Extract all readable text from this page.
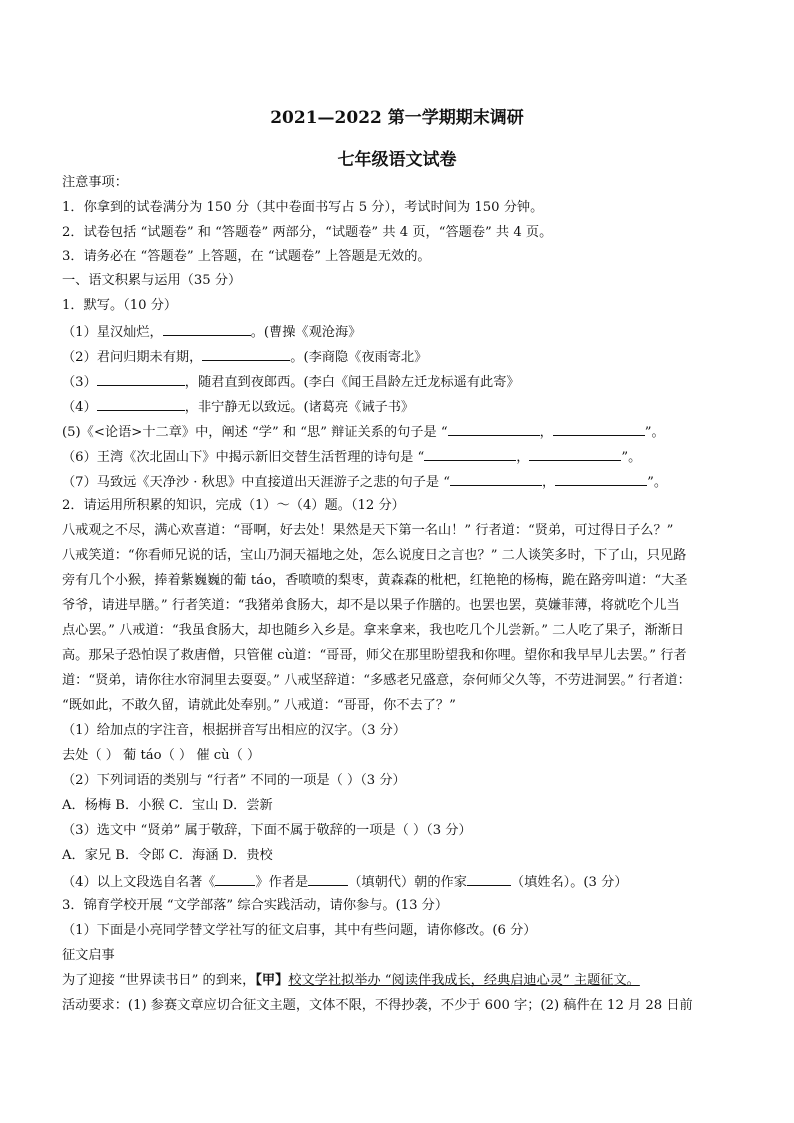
2021—2022 第一学期期末调研
七年级语文试卷
注意事项：
1．你拿到的试卷满分为 150 分（其中卷面书写占 5 分），考试时间为 150 分钟。
2．试卷包括 “试题卷” 和 “答题卷” 两部分，“试题卷” 共 4 页，“答题卷” 共 4 页。
3．请务必在 “答题卷” 上答题，在 “试题卷” 上答题是无效的。
一、语文积累与运用（35 分）
1．默写。（10 分）
（1）星汉灿烂，	。(曹操《观沧海》
（2）君问归期未有期，	。(李商隐《夜雨寄北》
（3）	，随君直到夜郎西。(李白《闻王昌龄左迁龙标遥有此寄》
（4）	，非宁静无以致远。(诸葛亮《诫子书》
(5)《<论语>十二章》中，阐述 “学” 和 “思” 辩证关系的句子是 “	，	”。
（6）王湾《次北固山下》中揭示新旧交替生活哲理的诗句是 “	，	”。
（7）马致远《天净沙 · 秋思》中直接道出天涯游子之悲的句子是 “	，	”。
2．请运用所积累的知识，完成（1）～（4）题。（12 分）
八戒观之不尽，满心欢喜道：“哥啊，好去处！果然是天下第一名山！” 行者道：“贤弟，可过得日子么？”
八戒笑道：“你看师兄说的话，宝山乃洞天福地之处，怎么说度日之言也？” 二人谈笑多时，下了山，只见路
旁有几个小猴，捧着紫巍巍的葡 táo，香喷喷的梨枣，黄森森的枇杷，红艳艳的杨梅，跪在路旁叫道：“大圣
爷爷，请进早膳。” 行者笑道：“我猪弟食肠大，却不是以果子作膳的。也罢也罢，莫嫌菲薄，将就吃个儿当
点心罢。” 八戒道：“我虽食肠大，却也随乡入乡是。拿来拿来，我也吃几个儿尝新。” 二人吃了果子，渐渐日
高。那呆子恐怕误了救唐僧，只管催 cù道：“哥哥，师父在那里盼望我和你哩。望你和我早早儿去罢。” 行者
道：“贤弟，请你往水帘洞里去耍耍。” 八戒坚辞道：“多感老兄盛意，奈何师父久等，不劳进洞罢。” 行者道：
“既如此，不敢久留，请就此处奉别。” 八戒道：“哥哥，你不去了？”
（1）给加点的字注音，根据拼音写出相应的汉字。（3 分）
去处（ ） 葡 táo（ ） 催 cù（ ）
（2）下列词语的类别与 “行者” 不同的一项是（ ）（3 分）
A．杨梅 B．小猴 C．宝山 D．尝新
（3）选文中 “贤弟” 属于敬辞，下面不属于敬辞的一项是（ ）（3 分）
A．家兄 B．令郎 C．海涵 D．贵校
（4）以上文段选自名著《	》作者是	（填朝代）朝的作家	（填姓名）。(3 分）
3．锦育学校开展 “文学部落” 综合实践活动，请你参与。(13 分）
（1）下面是小亮同学替文学社写的征文启事，其中有些问题，请你修改。(6 分）
征文启事
为了迎接 “世界读书日” 的到来，【甲】校文学社拟举办 “阅读伴我成长，经典启迪心灵” 主题征文。
活动要求：(1) 参赛文章应切合征文主题，文体不限，不得抄袭，不少于 600 字；(2) 稿件在 12 月 28 日前
